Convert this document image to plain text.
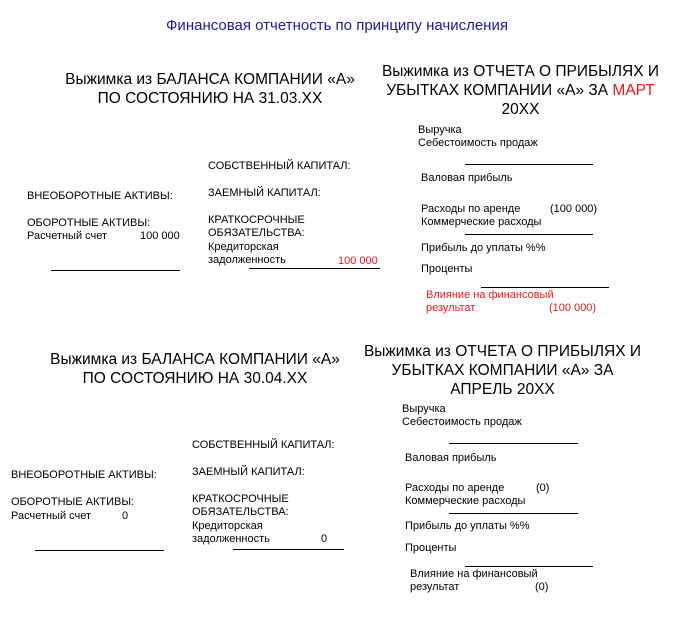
Финансовая отчетность по принципу начисления
Выжимка из БАЛАНСА КОМПАНИИ «А»
ПО СОСТОЯНИЮ НА 31.03.ХХ
СОБСТВЕННЫЙ КАПИТАЛ:
ЗАЕМНЫЙ КАПИТАЛ:
ВНЕОБОРОТНЫЕ АКТИВЫ:
ОБОРОТНЫЕ АКТИВЫ:
Расчетный счет	100 000
КРАТКОСРОЧНЫЕ
ОБЯЗАТЕЛЬСТВА:
Кредиторская
задолженность	100 000
Выжимка из ОТЧЕТА О ПРИБЫЛЯХ И
УБЫТКАХ КОМПАНИИ «А» ЗА МАРТ
20ХХ
Выручка
Себестоимость продаж
Валовая прибыль
Расходы по аренде	(100 000)
Коммерческие расходы
Прибыль до уплаты %%
Проценты
Влияние на финансовый
результат	(100 000)
Выжимка из БАЛАНСА КОМПАНИИ «А»
ПО СОСТОЯНИЮ НА 30.04.ХХ
СОБСТВЕННЫЙ КАПИТАЛ:
ЗАЕМНЫЙ КАПИТАЛ:
ВНЕОБОРОТНЫЕ АКТИВЫ:
ОБОРОТНЫЕ АКТИВЫ:
Расчетный счет	0
КРАТКОСРОЧНЫЕ
ОБЯЗАТЕЛЬСТВА:
Кредиторская
задолженность	0
Выжимка из ОТЧЕТА О ПРИБЫЛЯХ И
УБЫТКАХ КОМПАНИИ «А» ЗА
АПРЕЛЬ 20ХХ
Выручка
Себестоимость продаж
Валовая прибыль
Расходы по аренде	(0)
Коммерческие расходы
Прибыль до уплаты %%
Проценты
Влияние на финансовый
результат	(0)
